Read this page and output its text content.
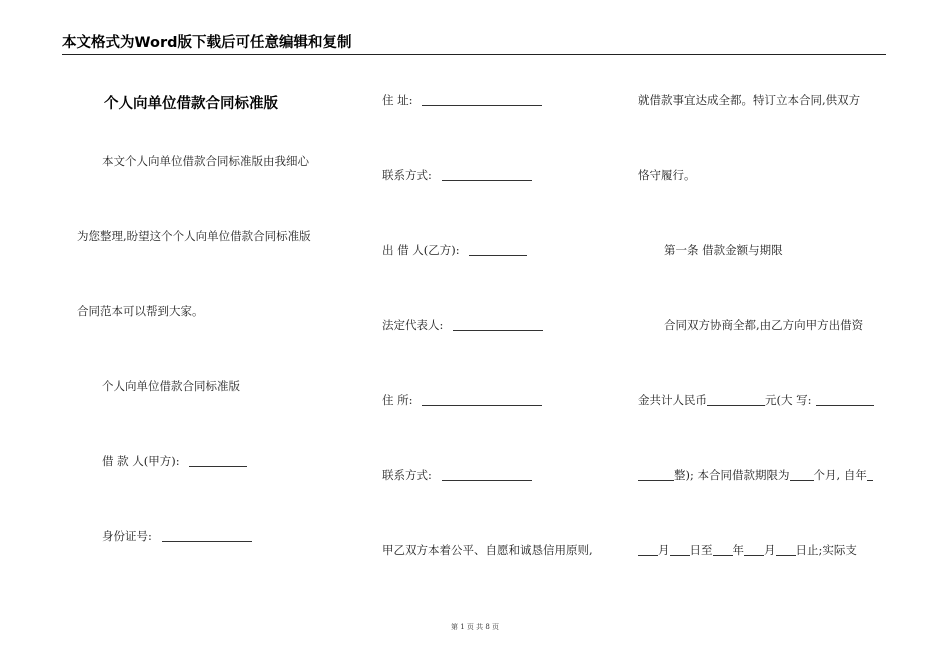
本文格式为Word版下载后可任意编辑和复制
个人向单位借款合同标准版
本文个人向单位借款合同标准版由我细心
为您整理,盼望这个个人向单位借款合同标准版
合同范本可以帮到大家。
个人向单位借款合同标准版
借 款 人(甲方):
身份证号:
住 址:
联系方式:
出 借 人(乙方):
法定代表人:
住 所:
联系方式:
甲乙双方本着公平、自愿和诚恳信用原则,
就借款事宜达成全都。特订立本合同,供双方
恪守履行。
第一条 借款金额与期限
合同双方协商全都,由乙方向甲方出借资
金共计人民币	元(大 写:
整); 本合同借款期限为 个月, 自年
月 日至 年 月 日止;实际支
第 1 页 共 8 页
